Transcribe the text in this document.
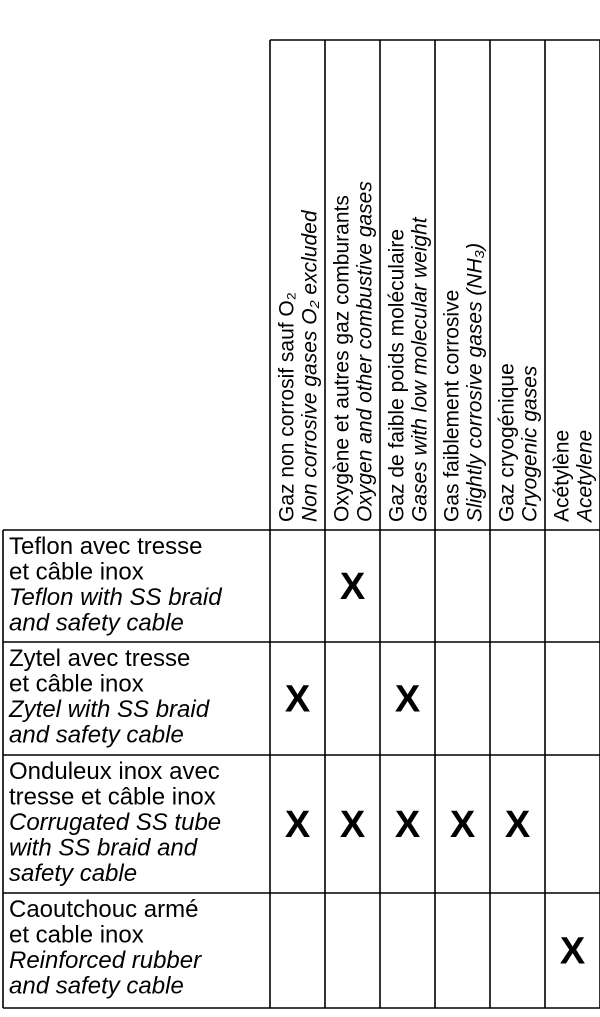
Gaz non corrosif sauf O₂ Non corrosive gases O₂ excluded Oxygène et autres gaz comburants Oxygen and other combustive gases Gaz de faible poids moléculaire Gases with low molecular weight Gas faiblement corrosive Slightly corrosive gases (NH₃) Gaz cryogénique Cryogenic gases Acétylène Acetylene
Teflon avec tresse
et câble inox
Teflon with SS braid
and safety cable
Zytel avec tresse
et câble inox
Zytel with SS braid
and safety cable
Onduleux inox avec
tresse et câble inox
Corrugated SS tube
with SS braid and
safety cable
Caoutchouc armé
et cable inox
Reinforced rubber
and safety cable
X
X X
X X X X X
X
